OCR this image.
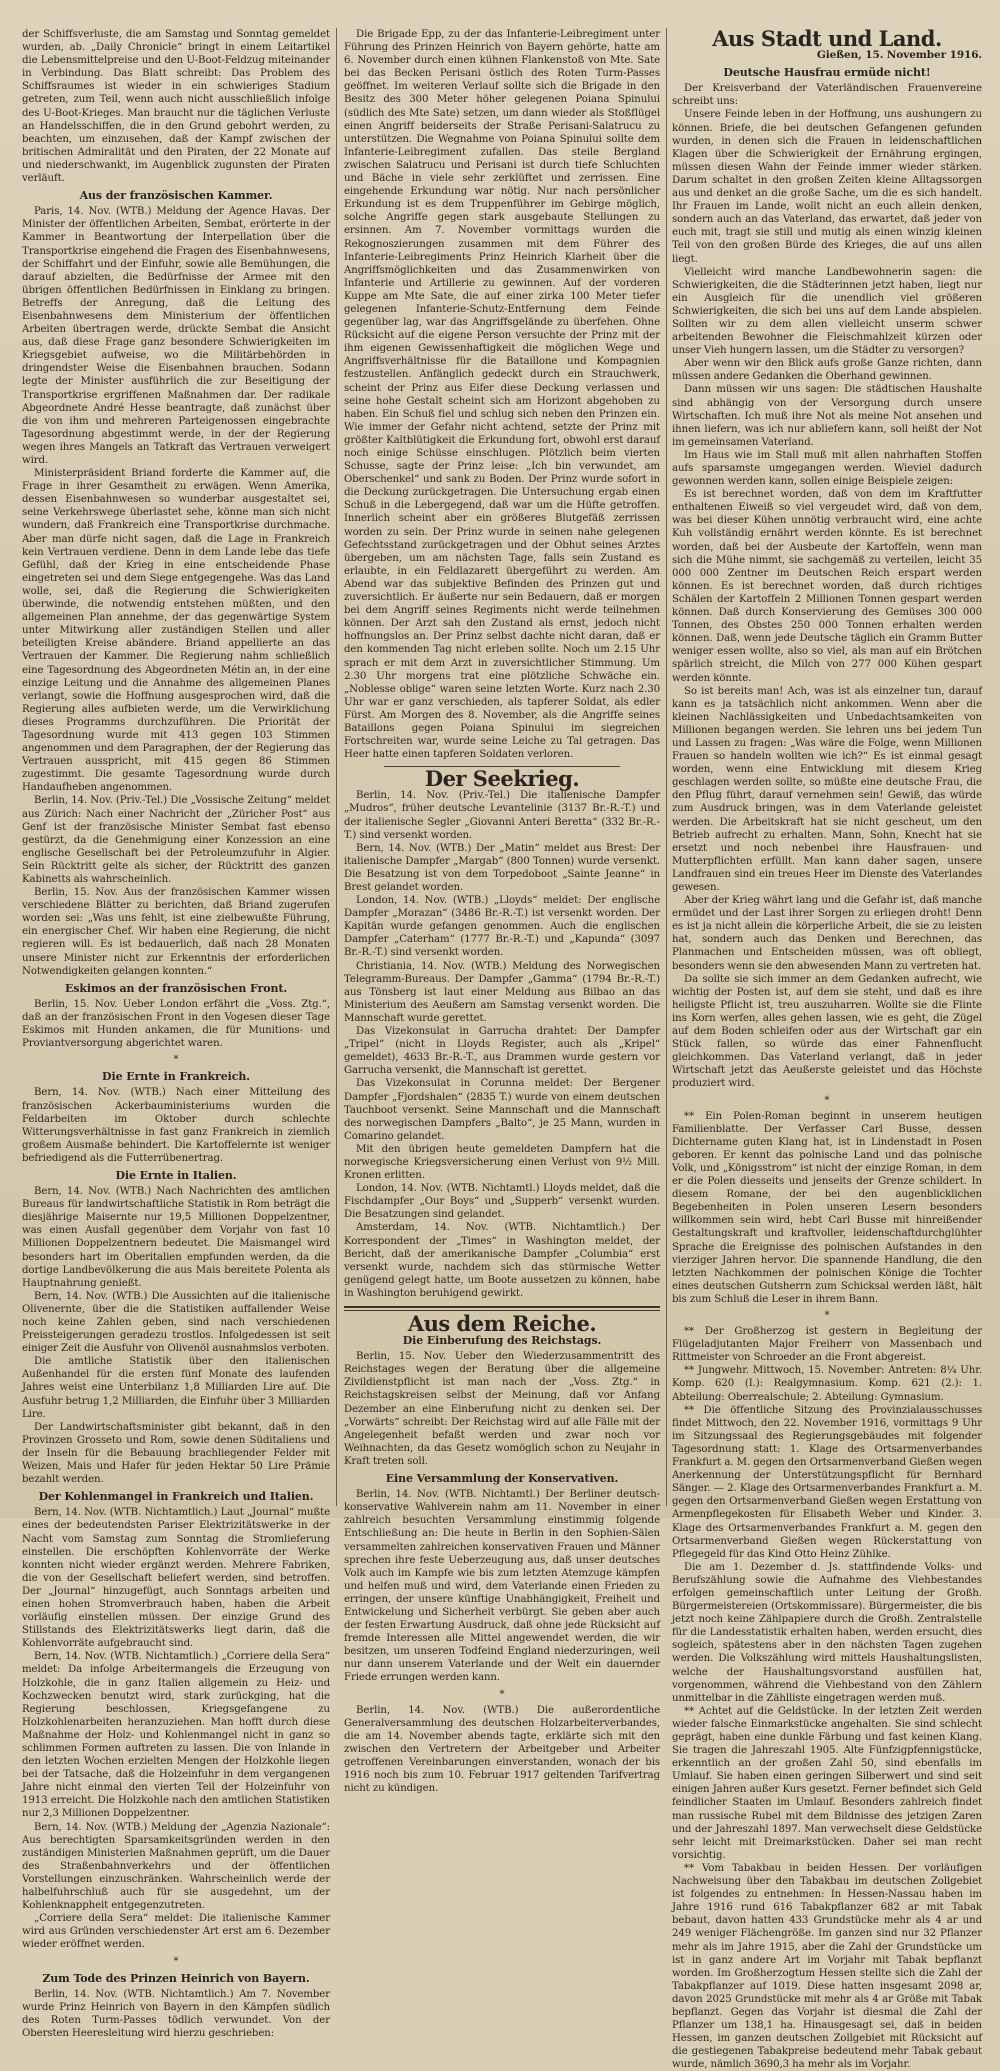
der Schiffsverluste, die am Samstag und Sonntag gemeldet wurden, ab. „Daily Chronicle“ bringt in einem Leitartikel die Lebensmittelpreise und den U-Boot-Feldzug miteinander in Verbindung. Das Blatt schreibt: Das Problem des Schiffsraumes ist wieder in ein schwieriges Stadium getreten, zum Teil, wenn auch nicht ausschließlich infolge des U-Boot-Krieges. Man braucht nur die täglichen Verluste an Handelsschiffen, die in den Grund gebohrt werden, zu beachten, um einzusehen, daß der Kampf zwischen der britischen Admiralität und den Piraten, der 22 Monate auf und niederschwankt, im Augenblick zugunsten der Piraten verläuft.

Aus der französischen Kammer.

Paris, 14. Nov. (WTB.) Meldung der Agence Havas. Der Minister der öffentlichen Arbeiten, Sembat, erörterte in der Kammer in Beantwortung der Interpellation über die Transportkrise eingehend die Fragen des Eisenbahnwesens, der Schiffahrt und der Einfuhr, sowie alle Bemühungen, die darauf abzielten, die Bedürfnisse der Armee mit den übrigen öffentlichen Bedürfnissen in Einklang zu bringen. Betreffs der Anregung, daß die Leitung des Eisenbahnwesens dem Ministerium der öffentlichen Arbeiten übertragen werde, drückte Sembat die Ansicht aus, daß diese Frage ganz besondere Schwierigkeiten im Kriegsgebiet aufweise, wo die Militärbehörden in dringendster Weise die Eisenbahnen brauchen. Sodann legte der Minister ausführlich die zur Beseitigung der Transportkrise ergriffenen Maßnahmen dar. Der radikale Abgeordnete André Hesse beantragte, daß zunächst über die von ihm und mehreren Parteigenossen eingebrachte Tagesordnung abgestimmt werde, in der der Regierung wegen ihres Mangels an Tatkraft das Vertrauen verweigert wird.

Ministerpräsident Briand forderte die Kammer auf, die Frage in ihrer Gesamtheit zu erwägen. Wenn Amerika, dessen Eisenbahnwesen so wunderbar ausgestaltet sei, seine Verkehrswege überlastet sehe, könne man sich nicht wundern, daß Frankreich eine Transportkrise durchmache. Aber man dürfe nicht sagen, daß die Lage in Frankreich kein Vertrauen verdiene. Denn in dem Lande lebe das tiefe Gefühl, daß der Krieg in eine entscheidende Phase eingetreten sei und dem Siege entgegengehe. Was das Land wolle, sei, daß die Regierung die Schwierigkeiten überwinde, die notwendig entstehen müßten, und den allgemeinen Plan annehme, der das gegenwärtige System unter Mitwirkung aller zuständigen Stellen und aller beteiligten Kreise abändere. Briand appellierte an das Vertrauen der Kammer. Die Regierung nahm schließlich eine Tagesordnung des Abgeordneten Métin an, in der eine einzige Leitung und die Annahme des allgemeinen Planes verlangt, sowie die Hoffnung ausgesprochen wird, daß die Regierung alles aufbieten werde, um die Verwirklichung dieses Programms durchzuführen. Die Priorität der Tagesordnung wurde mit 413 gegen 103 Stimmen angenommen und dem Paragraphen, der der Regierung das Vertrauen ausspricht, mit 415 gegen 86 Stimmen zugestimmt. Die gesamte Tagesordnung wurde durch Handaufheben angenommen.

Berlin, 14. Nov. (Priv.-Tel.) Die „Vossische Zeitung“ meldet aus Zürich: Nach einer Nachricht der „Züricher Post“ aus Genf ist der französische Minister Sembat fast ebenso gestürzt, da die Genehmigung einer Konzession an eine englische Gesellschaft bei der Petroleumzufuhr in Algier. Sein Rücktritt gelte als sicher, der Rücktritt des ganzen Kabinetts als wahrscheinlich.

Berlin, 15. Nov. Aus der französischen Kammer wissen verschiedene Blätter zu berichten, daß Briand zugerufen worden sei: „Was uns fehlt, ist eine zielbewußte Führung, ein energischer Chef. Wir haben eine Regierung, die nicht regieren will. Es ist bedauerlich, daß nach 28 Monaten unsere Minister nicht zur Erkenntnis der erforderlichen Notwendigkeiten gelangen konnten.“

Eskimos an der französischen Front.

Berlin, 15. Nov. Ueber London erfährt die „Voss. Ztg.“, daß an der französischen Front in den Vogesen dieser Tage Eskimos mit Hunden ankamen, die für Munitions- und Proviantversorgung abgerichtet waren.

*
Die Ernte in Frankreich.

Bern, 14. Nov. (WTB.) Nach einer Mitteilung des französischen Ackerbauministeriums wurden die Feldarbeiten im Oktober durch schlechte Witterungsverhältnisse in fast ganz Frankreich in ziemlich großem Ausmaße behindert. Die Kartoffelernte ist weniger befriedigend als die Futterrübenertrag.

Die Ernte in Italien.

Bern, 14. Nov. (WTB.) Nach Nachrichten des amtlichen Bureaus für landwirtschaftliche Statistik in Rom beträgt die diesjährige Maisernte nur 19,5 Millionen Doppelzentner, was einen Ausfall gegenüber dem Vorjahr von fast 10 Millionen Doppelzentnern bedeutet. Die Maismangel wird besonders hart im Oberitalien empfunden werden, da die dortige Landbevölkerung die aus Mais bereitete Polenta als Hauptnahrung genießt.

Bern, 14. Nov. (WTB.) Die Aussichten auf die italienische Olivenernte, über die die Statistiken auffallender Weise noch keine Zahlen geben, sind nach verschiedenen Preissteigerungen geradezu trostlos. Infolgedessen ist seit einiger Zeit die Ausfuhr von Olivenöl ausnahmslos verboten.

Die amtliche Statistik über den italienischen Außenhandel für die ersten fünf Monate des laufenden Jahres weist eine Unterbilanz 1,8 Milliarden Lire auf. Die Ausfuhr betrug 1,2 Milliarden, die Einfuhr über 3 Milliarden Lire.

Der Landwirtschaftsminister gibt bekannt, daß in den Provinzen Grosseto und Rom, sowie denen Süditaliens und der Inseln für die Bebauung brachliegender Felder mit Weizen, Mais und Hafer für jeden Hektar 50 Lire Prämie bezahlt werden.

Der Kohlenmangel in Frankreich und Italien.

Bern, 14. Nov. (WTB. Nichtamtlich.) Laut „Journal“ mußte eines der bedeutendsten Pariser Elektrizitätswerke in der Nacht vom Samstag zum Sonntag die Stromlieferung einstellen. Die erschöpften Kohlenvorräte der Werke konnten nicht wieder ergänzt werden. Mehrere Fabriken, die von der Gesellschaft beliefert werden, sind betroffen. Der „Journal“ hinzugefügt, auch Sonntags arbeiten und einen hohen Stromverbrauch haben, haben die Arbeit vorläufig einstellen müssen. Der einzige Grund des Stillstands des Elektrizitätswerks liegt darin, daß die Kohlenvorräte aufgebraucht sind.

Bern, 14. Nov. (WTB. Nichtamtlich.) „Corriere della Sera“ meldet: Da infolge Arbeitermangels die Erzeugung von Holzkohle, die in ganz Italien allgemein zu Heiz- und Kochzwecken benutzt wird, stark zurückging, hat die Regierung beschlossen, Kriegsgefangene zu Holzkohlenarbeiten heranzuziehen. Man hofft durch diese Maßnahme der Holz- und Kohlenmangel nicht in ganz so schlimmen Formen auftreten zu lassen. Die von Inlande in den letzten Wochen erzielten Mengen der Holzkohle liegen bei der Tatsache, daß die Holzeinfuhr in dem vergangenen Jahre nicht einmal den vierten Teil der Holzeinfuhr von 1913 erreicht. Die Holzkohle nach den amtlichen Statistiken nur 2,3 Millionen Doppelzentner.

Bern, 14. Nov. (WTB.) Meldung der „Agenzia Nazionale“: Aus berechtigten Sparsamkeitsgründen werden in den zuständigen Ministerien Maßnahmen geprüft, um die Dauer des Straßenbahnverkehrs und der öffentlichen Vorstellungen einzuschränken. Wahrscheinlich werde der halbelfuhrschluß auch für sie ausgedehnt, um der Kohlenknappheit entgegenzutreten.

„Corriere della Sera“ meldet: Die italienische Kammer wird aus Gründen verschiedenster Art erst am 6. Dezember wieder eröffnet werden.

*
Zum Tode des Prinzen Heinrich von Bayern.

Berlin, 14. Nov. (WTB. Nichtamtlich.) Am 7. November wurde Prinz Heinrich von Bayern in den Kämpfen südlich des Roten Turm-Passes tödlich verwundet. Von der Obersten Heeresleitung wird hierzu geschrieben:

Die Brigade Epp, zu der das Infanterie-Leibregiment unter Führung des Prinzen Heinrich von Bayern gehörte, hatte am 6. November durch einen kühnen Flankenstoß von Mte. Sate bei das Becken Perisani östlich des Roten Turm-Passes geöffnet. Im weiteren Verlauf sollte sich die Brigade in den Besitz des 300 Meter höher gelegenen Poiana Spinului (südlich des Mte Sate) setzen, um dann wieder als Stoßflügel einen Angriff beiderseits der Straße Perisani-Salatrucu zu unterstützen. Die Wegnahme von Poiana Spinului sollte dem Infanterie-Leibregiment zufallen. Das steile Bergland zwischen Salatrucu und Perisani ist durch tiefe Schluchten und Bäche in viele sehr zerklüftet und zerrissen. Eine eingehende Erkundung war nötig. Nur nach persönlicher Erkundung ist es dem Truppenführer im Gebirge möglich, solche Angriffe gegen stark ausgebaute Stellungen zu ersinnen. Am 7. November vormittags wurden die Rekognoszierungen zusammen mit dem Führer des Infanterie-Leibregiments Prinz Heinrich Klarheit über die Angriffsmöglichkeiten und das Zusammenwirken von Infanterie und Artillerie zu gewinnen. Auf der vorderen Kuppe am Mte Sate, die auf einer zirka 100 Meter tiefer gelegenen Infanterie-Schutz-Entfernung dem Feinde gegenüber lag, war das Angriffsgelände zu überfehen. Ohne Rücksicht auf die eigene Person versuchte der Prinz mit der ihm eigenen Gewissenhaftigkeit die möglichen Wege und Angriffsverhältnisse für die Bataillone und Kompagnien festzustellen. Anfänglich gedeckt durch ein Strauchwerk, scheint der Prinz aus Eifer diese Deckung verlassen und seine hohe Gestalt scheint sich am Horizont abgehoben zu haben. Ein Schuß fiel und schlug sich neben den Prinzen ein. Wie immer der Gefahr nicht achtend, setzte der Prinz mit größter Kaltblütigkeit die Erkundung fort, obwohl erst darauf noch einige Schüsse einschlugen. Plötzlich beim vierten Schusse, sagte der Prinz leise: „Ich bin verwundet, am Oberschenkel“ und sank zu Boden. Der Prinz wurde sofort in die Deckung zurückgetragen. Die Untersuchung ergab einen Schuß in die Lebergegend, daß war um die Hüfte getroffen. Innerlich scheint aber ein größeres Blutgefäß zerrissen worden zu sein. Der Prinz wurde in seinen nahe gelegenen Gefechtsstand zurückgetragen und der Obhut seines Arztes übergeben, um am nächsten Tage, falls sein Zustand es erlaubte, in ein Feldlazarett übergeführt zu werden. Am Abend war das subjektive Befinden des Prinzen gut und zuversichtlich. Er äußerte nur sein Bedauern, daß er morgen bei dem Angriff seines Regiments nicht werde teilnehmen können. Der Arzt sah den Zustand als ernst, jedoch nicht hoffnungslos an. Der Prinz selbst dachte nicht daran, daß er den kommenden Tag nicht erleben sollte. Noch um 2.15 Uhr sprach er mit dem Arzt in zuversichtlicher Stimmung. Um 2.30 Uhr morgens trat eine plötzliche Schwäche ein. „Noblesse oblige“ waren seine letzten Worte. Kurz nach 2.30 Uhr war er ganz verschieden, als tapferer Soldat, als edler Fürst. Am Morgen des 8. November, als die Angriffe seines Bataillons gegen Poiana Spinului im siegreichen Fortschreiten war, wurde seine Leiche zu Tal getragen. Das Heer hatte einen tapferen Soldaten verloren.

Der Seekrieg.

Berlin, 14. Nov. (Priv.-Tel.) Die italienische Dampfer „Mudros“, früher deutsche Levantelinie (3137 Br.-R.-T.) und der italienische Segler „Giovanni Anteri Beretta“ (332 Br.-R.-T.) sind versenkt worden.

Bern, 14. Nov. (WTB.) Der „Matin“ meldet aus Brest: Der italienische Dampfer „Margab“ (800 Tonnen) wurde versenkt. Die Besatzung ist von dem Torpedoboot „Sainte Jeanne“ in Brest gelandet worden.

London, 14. Nov. (WTB.) „Lloyds“ meldet: Der englische Dampfer „Morazan“ (3486 Br.-R.-T.) ist versenkt worden. Der Kapitän wurde gefangen genommen. Auch die englischen Dampfer „Caterham“ (1777 Br.-R.-T.) und „Kapunda“ (3097 Br.-R.-T.) sind versenkt worden.

Christiania, 14. Nov. (WTB.) Meldung des Norwegischen Telegramm-Bureaus. Der Dampfer „Gamma“ (1794 Br.-R.-T.) aus Tönsberg ist laut einer Meldung aus Bilbao an das Ministerium des Aeußern am Samstag versenkt worden. Die Mannschaft wurde gerettet.

Das Vizekonsulat in Garrucha drahtet: Der Dampfer „Tripel“ (nicht in Lloyds Register, auch als „Kripel“ gemeldet), 4633 Br.-R.-T., aus Drammen wurde gestern vor Garrucha versenkt, die Mannschaft ist gerettet.

Das Vizekonsulat in Corunna meldet: Der Bergener Dampfer „Fjordshalen“ (2835 T.) wurde von einem deutschen Tauchboot versenkt. Seine Mannschaft und die Mannschaft des norwegischen Dampfers „Balto“, je 25 Mann, wurden in Comarino gelandet.

Mit den übrigen heute gemeldeten Dampfern hat die norwegische Kriegsversicherung einen Verlust von 9½ Mill. Kronen erlitten.

London, 14. Nov. (WTB. Nichtamtl.) Lloyds meldet, daß die Fischdampfer „Our Boys“ und „Supperb“ versenkt wurden. Die Besatzungen sind gelandet.

Amsterdam, 14. Nov. (WTB. Nichtamtlich.) Der Korrespondent der „Times“ in Washington meldet, der Bericht, daß der amerikanische Dampfer „Columbia“ erst versenkt wurde, nachdem sich das stürmische Wetter genügend gelegt hatte, um Boote aussetzen zu können, habe in Washington beruhigend gewirkt.

Aus dem Reiche.
Die Einberufung des Reichstags.

Berlin, 15. Nov. Ueber den Wiederzusammentritt des Reichstages wegen der Beratung über die allgemeine Zivildienstpflicht ist man nach der „Voss. Ztg.“ in Reichstagskreisen selbst der Meinung, daß vor Anfang Dezember an eine Einberufung nicht zu denken sei. Der „Vorwärts“ schreibt: Der Reichstag wird auf alle Fälle mit der Angelegenheit befaßt werden und zwar noch vor Weihnachten, da das Gesetz womöglich schon zu Neujahr in Kraft treten soll.

Eine Versammlung der Konservativen.

Berlin, 14. Nov. (WTB. Nichtamtl.) Der Berliner deutsch-konservative Wahlverein nahm am 11. November in einer zahlreich besuchten Versammlung einstimmig folgende Entschließung an: Die heute in Berlin in den Sophien-Sälen versammelten zahlreichen konservativen Frauen und Männer sprechen ihre feste Ueberzeugung aus, daß unser deutsches Volk auch im Kampfe wie bis zum letzten Atemzuge kämpfen und helfen muß und wird, dem Vaterlande einen Frieden zu erringen, der unsere künftige Unabhängigkeit, Freiheit und Entwickelung und Sicherheit verbürgt. Sie geben aber auch der festen Erwartung Ausdruck, daß ohne jede Rücksicht auf fremde Interessen alle Mittel angewendet werden, die wir besitzen, um unseren Todfeind England niederzuringen, weil nur dann unserem Vaterlande und der Welt ein dauernder Friede errungen werden kann.

*

Berlin, 14. Nov. (WTB.) Die außerordentliche Generalversammlung des deutschen Holzarbeiterverbandes, die am 14. November abends tagte, erklärte sich mit den zwischen den Vertretern der Arbeitgeber und Arbeiter getroffenen Vereinbarungen einverstanden, wonach der bis 1916 noch bis zum 10. Februar 1917 geltenden Tarifvertrag nicht zu kündigen.

Aus Stadt und Land.
Gießen, 15. November 1916.
Deutsche Hausfrau ermüde nicht!

Der Kreisverband der Vaterländischen Frauenvereine schreibt uns:

Unsere Feinde leben in der Hoffnung, uns aushungern zu können. Briefe, die bei deutschen Gefangenen gefunden wurden, in denen sich die Frauen in leidenschaftlichen Klagen über die Schwierigkeit der Ernährung ergingen, müssen diesen Wahn der Feinde immer wieder stärken. Darum schaltet in den großen Zeiten kleine Alltagssorgen aus und denket an die große Sache, um die es sich handelt. Ihr Frauen im Lande, wollt nicht an euch allein denken, sondern auch an das Vaterland, das erwartet, daß jeder von euch mit, tragt sie still und mutig als einen winzig kleinen Teil von den großen Bürde des Krieges, die auf uns allen liegt.

Vielleicht wird manche Landbewohnerin sagen: die Schwierigkeiten, die die Städterinnen jetzt haben, liegt nur ein Ausgleich für die unendlich viel größeren Schwierigkeiten, die sich bei uns auf dem Lande abspielen. Sollten wir zu dem allen vielleicht unserm schwer arbeitenden Bewohner die Fleischmahlzeit kürzen oder unser Vieh hungern lassen, um die Städter zu versorgen?

Aber wenn wir den Blick aufs große Ganze richten, dann müssen andere Gedanken die Oberhand gewinnen.

Dann müssen wir uns sagen: Die städtischen Haushalte sind abhängig von der Versorgung durch unsere Wirtschaften. Ich muß ihre Not als meine Not ansehen und ihnen liefern, was ich nur abliefern kann, soll heißt der Not im gemeinsamen Vaterland.

Im Haus wie im Stall muß mit allen nahrhaften Stoffen aufs sparsamste umgegangen werden. Wieviel dadurch gewonnen werden kann, sollen einige Beispiele zeigen:

Es ist berechnet worden, daß von dem im Kraftfutter enthaltenen Eiweiß so viel vergeudet wird, daß von dem, was bei dieser Kühen unnötig verbraucht wird, eine achte Kuh vollständig ernährt werden könnte. Es ist berechnet worden, daß bei der Ausbeute der Kartoffeln, wenn man sich die Mühe nimmt, sie sachgemäß zu verteilen, leicht 35 000 000 Zentner im Deutschen Reich erspart werden können. Es ist berechnet worden, daß durch richtiges Schälen der Kartoffeln 2 Millionen Tonnen gespart werden können. Daß durch Konservierung des Gemüses 300 000 Tonnen, des Obstes 250 000 Tonnen erhalten werden können. Daß, wenn jede Deutsche täglich ein Gramm Butter weniger essen wollte, also so viel, als man auf ein Brötchen spärlich streicht, die Milch von 277 000 Kühen gespart werden könnte.

So ist bereits man! Ach, was ist als einzelner tun, darauf kann es ja tatsächlich nicht ankommen. Wenn aber die kleinen Nachlässigkeiten und Unbedachtsamkeiten von Millionen begangen werden. Sie lehren uns bei jedem Tun und Lassen zu fragen: „Was wäre die Folge, wenn Millionen Frauen so handeln wollten wie ich?“ Es ist einmal gesagt worden, wenn eine Entwicklung mit diesem Krieg geschlagen werden sollte, so müßte eine deutsche Frau, die den Pflug führt, darauf vernehmen sein! Gewiß, das würde zum Ausdruck bringen, was in dem Vaterlande geleistet werden. Die Arbeitskraft hat sie nicht gescheut, um den Betrieb aufrecht zu erhalten. Mann, Sohn, Knecht hat sie ersetzt und noch nebenbei ihre Hausfrauen- und Mutterpflichten erfüllt. Man kann daher sagen, unsere Landfrauen sind ein treues Heer im Dienste des Vaterlandes gewesen.

Aber der Krieg währt lang und die Gefahr ist, daß manche ermüdet und der Last ihrer Sorgen zu erliegen droht! Denn es ist ja nicht allein die körperliche Arbeit, die sie zu leisten hat, sondern auch das Denken und Berechnen, das Planmachen und Entscheiden müssen, was oft obliegt, besonders wenn sie den abwesenden Mann zu vertreten hat.

Da sollte sie sich immer an dem Gedanken aufrecht, wie wichtig der Posten ist, auf dem sie steht, und daß es ihre heiligste Pflicht ist, treu auszuharren. Wollte sie die Flinte ins Korn werfen, alles gehen lassen, wie es geht, die Zügel auf dem Boden schleifen oder aus der Wirtschaft gar ein Stück fallen, so würde das einer Fahnenflucht gleichkommen. Das Vaterland verlangt, daß in jeder Wirtschaft jetzt das Aeußerste geleistet und das Höchste produziert wird.

*

** Ein Polen-Roman beginnt in unserem heutigen Familienblatte. Der Verfasser Carl Busse, dessen Dichtername guten Klang hat, ist in Lindenstadt in Posen geboren. Er kennt das polnische Land und das polnische Volk, und „Königsstrom“ ist nicht der einzige Roman, in dem er die Polen diesseits und jenseits der Grenze schildert. In diesem Romane, der bei den augenblicklichen Begebenheiten in Polen unseren Lesern besonders willkommen sein wird, hebt Carl Busse mit hinreißender Gestaltungskraft und kraftvoller, leidenschaftdurchglühter Sprache die Ereignisse des polnischen Aufstandes in den vierziger Jahren hervor. Die spannende Handlung, die den letzten Nachkommen der polnischen Könige die Tochter eines deutschen Gutsherrn zum Schicksal werden läßt, hält bis zum Schluß die Leser in ihrem Bann.

*

** Der Großherzog ist gestern in Begleitung der Flügeladjutanten Major Freiherr von Massenbach und Rittmeister von Schroeder an die Front abgereist.

** Jungwehr. Mittwoch, 15. November: Antreten: 8¼ Uhr. Komp. 620 (I.): Realgymnasium. Komp. 621 (2.): 1. Abteilung: Oberrealschule; 2. Abteilung: Gymnasium.

** Die öffentliche Sitzung des Provinzialausschusses findet Mittwoch, den 22. November 1916, vormittags 9 Uhr im Sitzungssaal des Regierungsgebäudes mit folgender Tagesordnung statt: 1. Klage des Ortsarmenverbandes Frankfurt a. M. gegen den Ortsarmenverband Gießen wegen Anerkennung der Unterstützungspflicht für Bernhard Sänger. — 2. Klage des Ortsarmenverbandes Frankfurt a. M. gegen den Ortsarmenverband Gießen wegen Erstattung von Armenpflegekosten für Elisabeth Weber und Kinder. 3. Klage des Ortsarmenverbandes Frankfurt a. M. gegen den Ortsarmenverband Gießen wegen Rückerstattung von Pflegegeld für das Kind Otto Heinz Zühlke.

Die am 1. Dezember d. Js. stattfindende Volks- und Berufszählung sowie die Aufnahme des Viehbestandes erfolgen gemeinschaftlich unter Leitung der Großh. Bürgermeistereien (Ortskommissare). Bürgermeister, die bis jetzt noch keine Zählpapiere durch die Großh. Zentralstelle für die Landesstatistik erhalten haben, werden ersucht, dies sogleich, spätestens aber in den nächsten Tagen zugehen werden. Die Volkszählung wird mittels Haushaltungslisten, welche der Haushaltungsvorstand ausfüllen hat, vorgenommen, während die Viehbestand von den Zählern unmittelbar in die Zählliste eingetragen werden muß.

** Achtet auf die Geldstücke. In der letzten Zeit werden wieder falsche Einmarkstücke angehalten. Sie sind schlecht geprägt, haben eine dunkle Färbung und fast keinen Klang. Sie tragen die Jahreszahl 1905. Alte Fünfzigpfennigstücke, erkenntlich an der großen Zahl 50, sind ebenfalls im Umlauf. Sie haben einen geringen Silberwert und sind seit einigen Jahren außer Kurs gesetzt. Ferner befindet sich Geld feindlicher Staaten im Umlauf. Besonders zahlreich findet man russische Rubel mit dem Bildnisse des jetzigen Zaren und der Jahreszahl 1897. Man verwechselt diese Geldstücke sehr leicht mit Dreimarkstücken. Daher sei man recht vorsichtig.

** Vom Tabakbau in beiden Hessen. Der vorläufigen Nachweisung über den Tabakbau im deutschen Zollgebiet ist folgendes zu entnehmen: In Hessen-Nassau haben im Jahre 1916 rund 616 Tabakpflanzer 682 ar mit Tabak bebaut, davon hatten 433 Grundstücke mehr als 4 ar und 249 weniger Flächengröße. Im ganzen sind nur 32 Pflanzer mehr als im Jahre 1915, aber die Zahl der Grundstücke um ist in ganz andere Art im Vorjahr mit Tabak bepflanzt worden. Im Großherzogtum Hessen stellte sich die Zahl der Tabakpflanzer auf 1019. Diese hatten insgesamt 2098 ar, davon 2025 Grundstücke mit mehr als 4 ar Größe mit Tabak bepflanzt. Gegen das Vorjahr ist diesmal die Zahl der Pflanzer um 138,1 ha. Hinausgesagt sei, daß in beiden Hessen, im ganzen deutschen Zollgebiet mit Rücksicht auf die gestiegenen Tabakpreise bedeutend mehr Tabak gebaut wurde, nämlich 3690,3 ha mehr als im Vorjahr.
